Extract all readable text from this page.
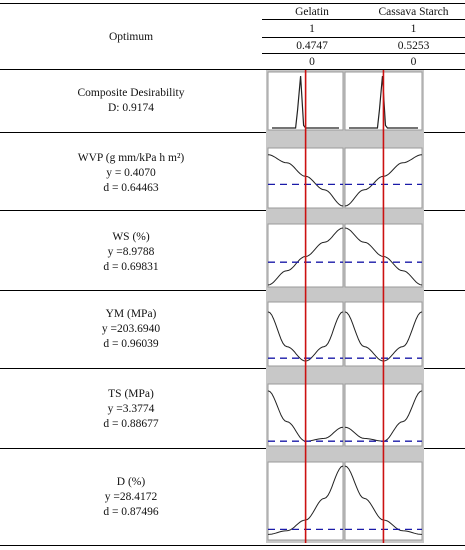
Gelatin	Cassava Starch
1	1
0.4747	0.5253
0	0
Optimum
Composite Desirability
D: 0.9174
WVP (g mm/kPa h m²)
y = 0.4070
d = 0.64463
WS (%)
y =8.9788
d = 0.69831
YM (MPa)
y =203.6940
d = 0.96039
TS (MPa)
y =3.3774
d = 0.88677
D (%)
y =28.4172
d = 0.87496
